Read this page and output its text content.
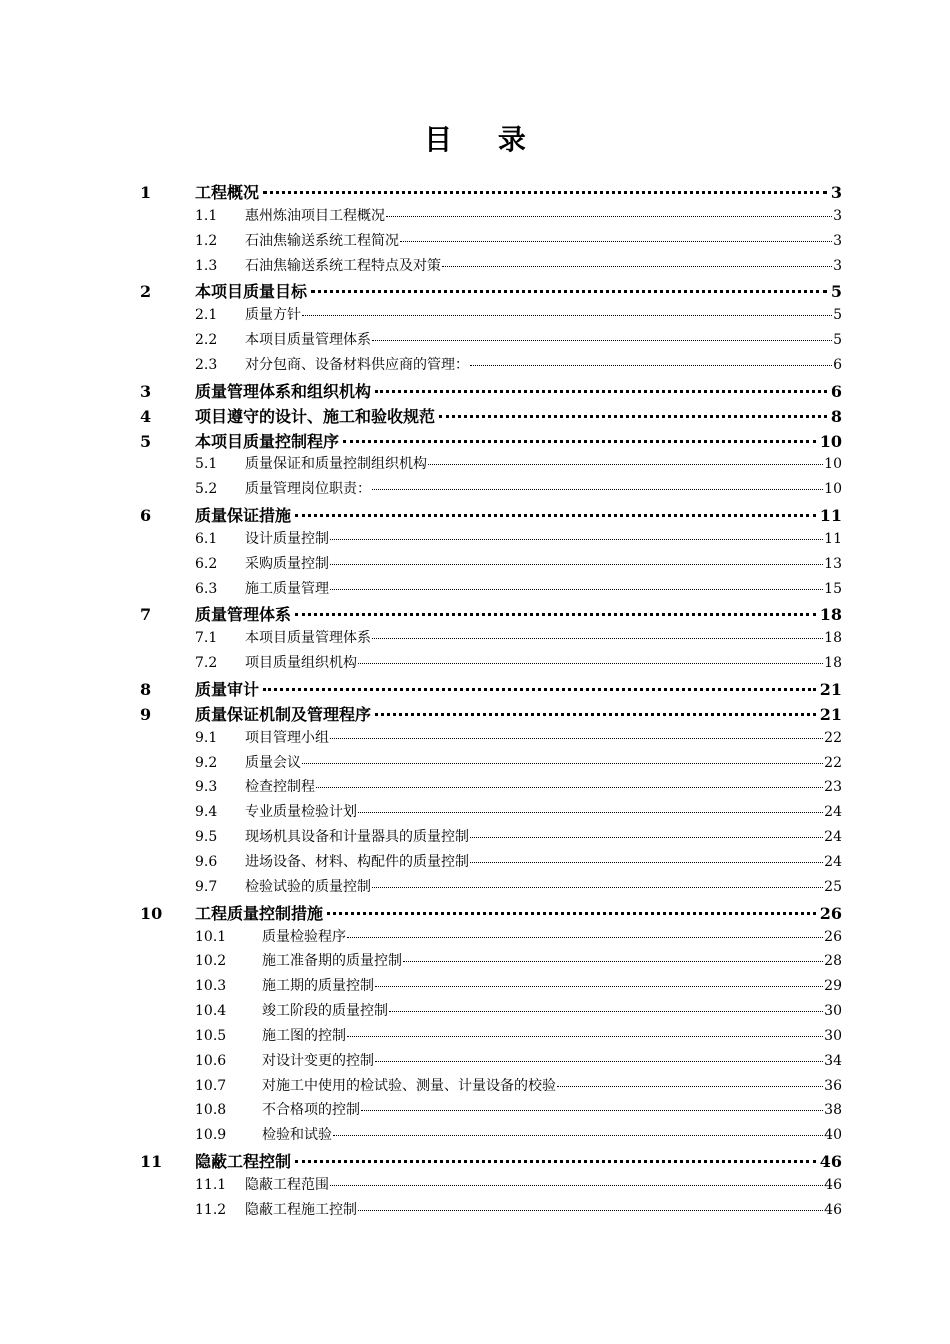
目 录
1	工程概况	3
1.1	惠州炼油项目工程概况	3
1.2	石油焦输送系统工程简况	3
1.3	石油焦输送系统工程特点及对策	3
2	本项目质量目标	5
2.1	质量方针	5
2.2	本项目质量管理体系	5
2.3	对分包商、设备材料供应商的管理：	6
3	质量管理体系和组织机构	6
4	项目遵守的设计、施工和验收规范	8
5	本项目质量控制程序	10
5.1	质量保证和质量控制组织机构	10
5.2	质量管理岗位职责：	10
6	质量保证措施	11
6.1	设计质量控制	11
6.2	采购质量控制	13
6.3	施工质量管理	15
7	质量管理体系	18
7.1	本项目质量管理体系	18
7.2	项目质量组织机构	18
8	质量审计	21
9	质量保证机制及管理程序	21
9.1	项目管理小组	22
9.2	质量会议	22
9.3	检查控制程	23
9.4	专业质量检验计划	24
9.5	现场机具设备和计量器具的质量控制	24
9.6	进场设备、材料、构配件的质量控制	24
9.7	检验试验的质量控制	25
10	工程质量控制措施	26
10.1	质量检验程序	26
10.2	施工准备期的质量控制	28
10.3	施工期的质量控制	29
10.4	竣工阶段的质量控制	30
10.5	施工图的控制	30
10.6	对设计变更的控制	34
10.7	对施工中使用的检试验、测量、计量设备的校验	36
10.8	不合格项的控制	38
10.9	检验和试验	40
11	隐蔽工程控制	46
11.1	隐蔽工程范围	46
11.2	隐蔽工程施工控制	46
